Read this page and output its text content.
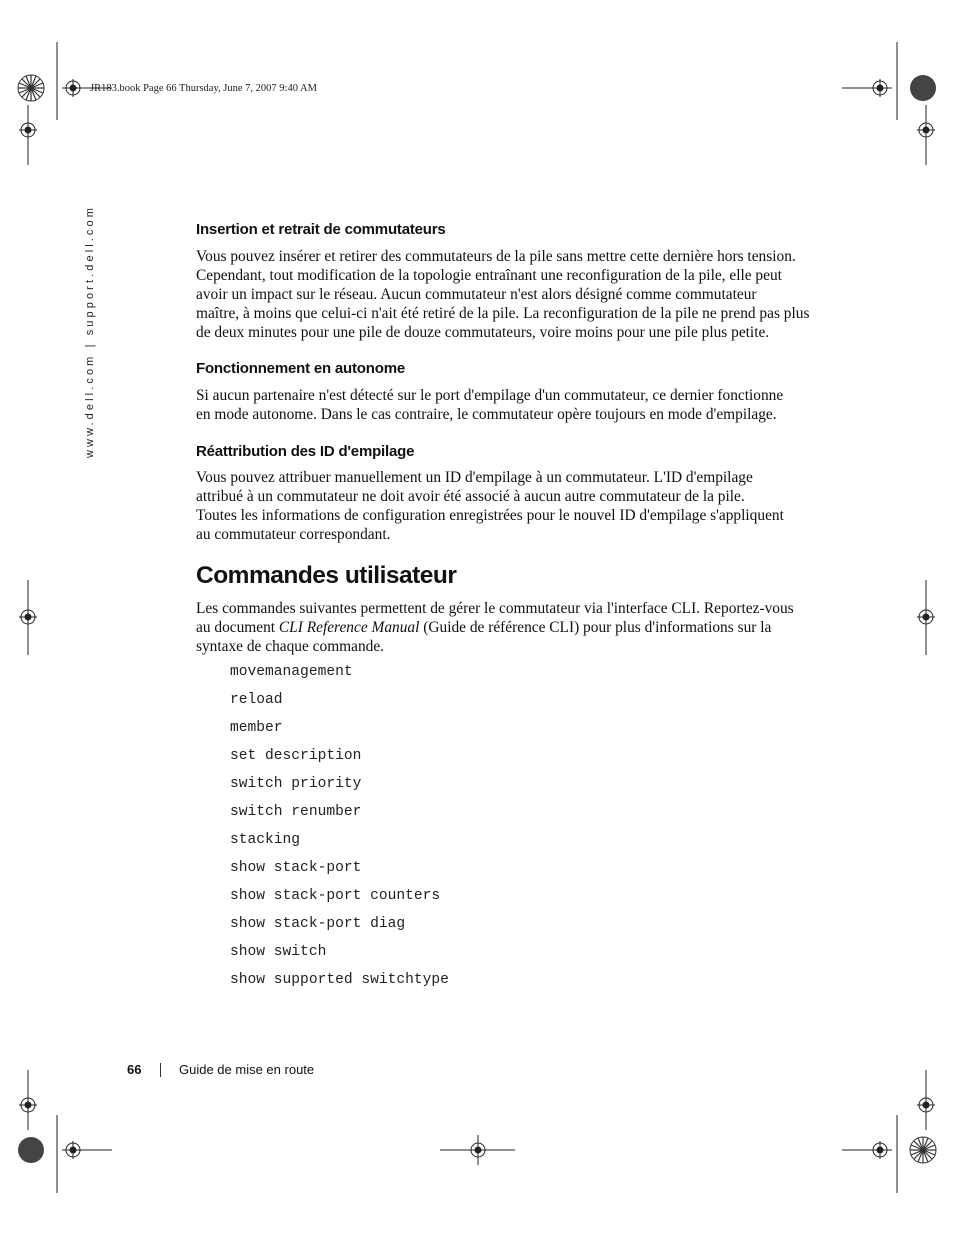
JR183.book Page 66 Thursday, June 7, 2007 9:40 AM
www.dell.com | support.dell.com	Insertion et retrait de commutateurs
Vous pouvez insérer et retirer des commutateurs de la pile sans mettre cette dernière hors tension.
Cependant, tout modification de la topologie entraînant une reconfiguration de la pile, elle peut
avoir un impact sur le réseau. Aucun commutateur n'est alors désigné comme commutateur
maître, à moins que celui-ci n'ait été retiré de la pile. La reconfiguration de la pile ne prend pas plus
de deux minutes pour une pile de douze commutateurs, voire moins pour une pile plus petite.
Fonctionnement en autonome
Si aucun partenaire n'est détecté sur le port d'empilage d'un commutateur, ce dernier fonctionne
en mode autonome. Dans le cas contraire, le commutateur opère toujours en mode d'empilage.
Réattribution des ID d'empilage
Vous pouvez attribuer manuellement un ID d'empilage à un commutateur. L'ID d'empilage
attribué à un commutateur ne doit avoir été associé à aucun autre commutateur de la pile.
Toutes les informations de configuration enregistrées pour le nouvel ID d'empilage s'appliquent
au commutateur correspondant.
Commandes utilisateur
Les commandes suivantes permettent de gérer le commutateur via l'interface CLI. Reportez-vous
au document CLI Reference Manual (Guide de référence CLI) pour plus d'informations sur la
syntaxe de chaque commande.
movemanagement
reload
member
set description
switch priority
switch renumber
stacking
show stack-port
show stack-port counters
show stack-port diag
show switch
show supported switchtype
66	Guide de mise en route
